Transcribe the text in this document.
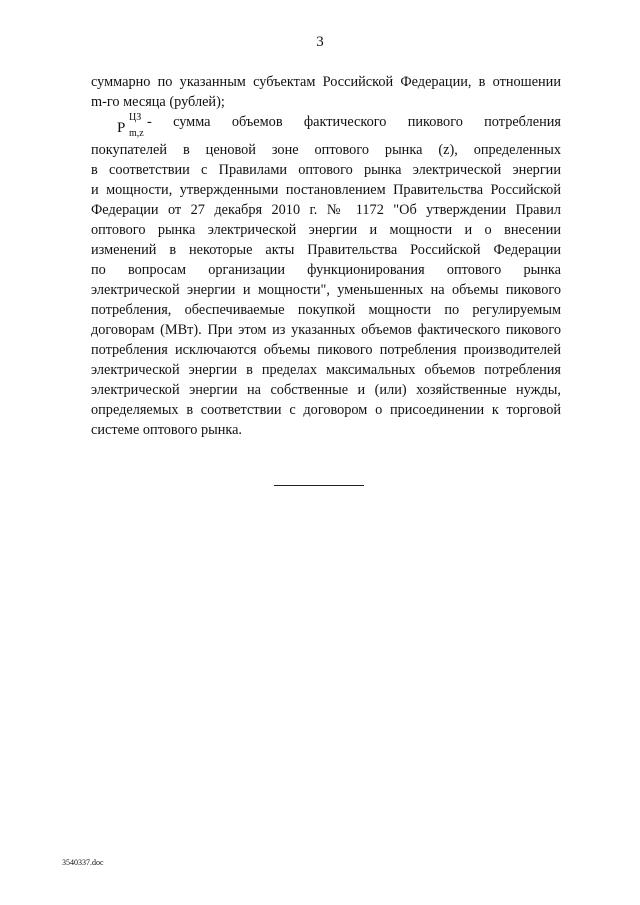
3
суммарно по указанным субъектам Российской Федерации, в отношении
m-го месяца (рублей);
P
ЦЗ
m,z
- сумма объемов фактического пикового потребления
покупателей в ценовой зоне оптового рынка (z), определенных
в соответствии с Правилами оптового рынка электрической энергии
и мощности, утвержденными постановлением Правительства Российской
Федерации от 27 декабря 2010 г. № 1172 "Об утверждении Правил
оптового рынка электрической энергии и мощности и о внесении
изменений в некоторые акты Правительства Российской Федерации
по вопросам организации функционирования оптового рынка
электрической энергии и мощности", уменьшенных на объемы пикового
потребления, обеспечиваемые покупкой мощности по регулируемым
договорам (МВт). При этом из указанных объемов фактического пикового
потребления исключаются объемы пикового потребления производителей
электрической энергии в пределах максимальных объемов потребления
электрической энергии на собственные и (или) хозяйственные нужды,
определяемых в соответствии с договором о присоединении к торговой
системе оптового рынка.
3540337.doc
